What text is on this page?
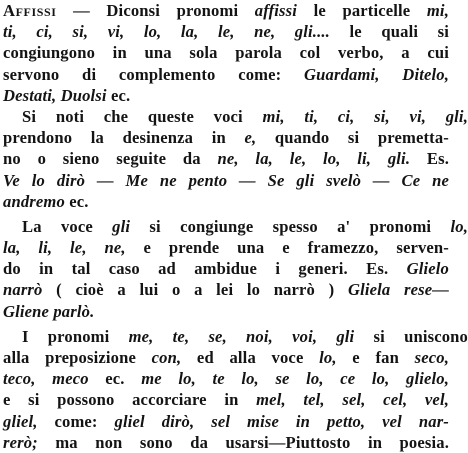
Affissi — Diconsi pronomi affissi le particelle mi,
ti, ci, si, vi, lo, la, le, ne, gli.... le quali si
congiungono in una sola parola col verbo, a cui
servono di complemento come: Guardami, Ditelo,
Destati, Duolsi ec.
Si noti che queste voci mi, ti, ci, si, vi, gli,
prendono la desinenza in e, quando si premetta-
no o sieno seguite da ne, la, le, lo, li, gli. Es.
Ve lo dirò — Me ne pento — Se gli svelò — Ce ne
andremo ec.
La voce gli si congiunge spesso a' pronomi lo,
la, li, le, ne, e prende una e framezzo, serven-
do in tal caso ad ambidue i generi. Es. Glielo
narrò ( cioè a lui o a lei lo narrò ) Gliela rese—
Gliene parlò.
I pronomi me, te, se, noi, voi, gli si uniscono
alla preposizione con, ed alla voce lo, e fan seco,
teco, meco ec. me lo, te lo, se lo, ce lo, glielo,
e si possono accorciare in mel, tel, sel, cel, vel,
gliel, come: gliel dirò, sel mise in petto, vel nar-
rerò; ma non sono da usarsi—Piuttosto in poesia.
